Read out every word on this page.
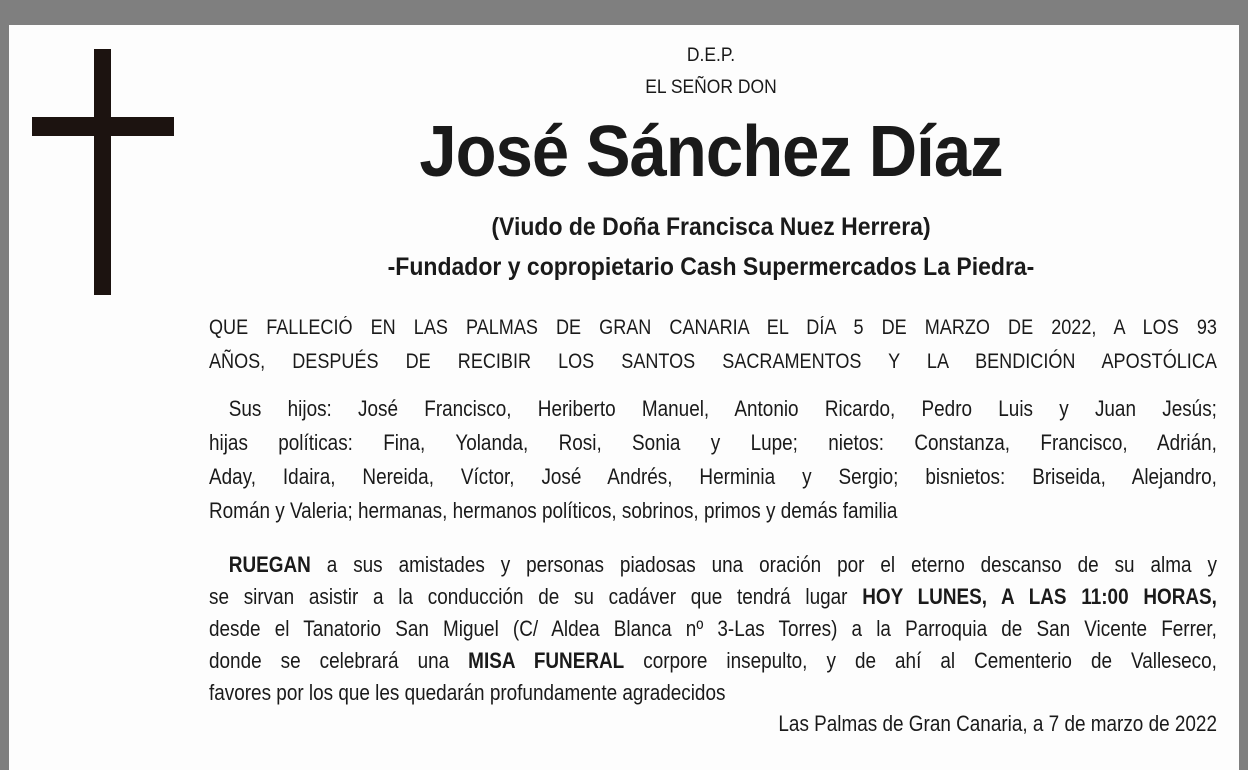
D.E.P.
EL SEÑOR DON
José Sánchez Díaz
(Viudo de Doña Francisca Nuez Herrera)
-Fundador y copropietario Cash Supermercados La Piedra-
QUE FALLECIÓ EN LAS PALMAS DE GRAN CANARIA EL DÍA 5 DE MARZO DE 2022, A LOS 93
AÑOS, DESPUÉS DE RECIBIR LOS SANTOS SACRAMENTOS Y LA BENDICIÓN APOSTÓLICA
Sus hijos: José Francisco, Heriberto Manuel, Antonio Ricardo, Pedro Luis y Juan Jesús;
hijas políticas: Fina, Yolanda, Rosi, Sonia y Lupe; nietos: Constanza, Francisco, Adrián,
Aday, Idaira, Nereida, Víctor, José Andrés, Herminia y Sergio; bisnietos: Briseida, Alejandro,
Román y Valeria; hermanas, hermanos políticos, sobrinos, primos y demás familia
RUEGAN a sus amistades y personas piadosas una oración por el eterno descanso de su alma y
se sirvan asistir a la conducción de su cadáver que tendrá lugar HOY LUNES, A LAS 11:00 HORAS,
desde el Tanatorio San Miguel (C/ Aldea Blanca nº 3-Las Torres) a la Parroquia de San Vicente Ferrer,
donde se celebrará una MISA FUNERAL corpore insepulto, y de ahí al Cementerio de Valleseco,
favores por los que les quedarán profundamente agradecidos
Las Palmas de Gran Canaria, a 7 de marzo de 2022
